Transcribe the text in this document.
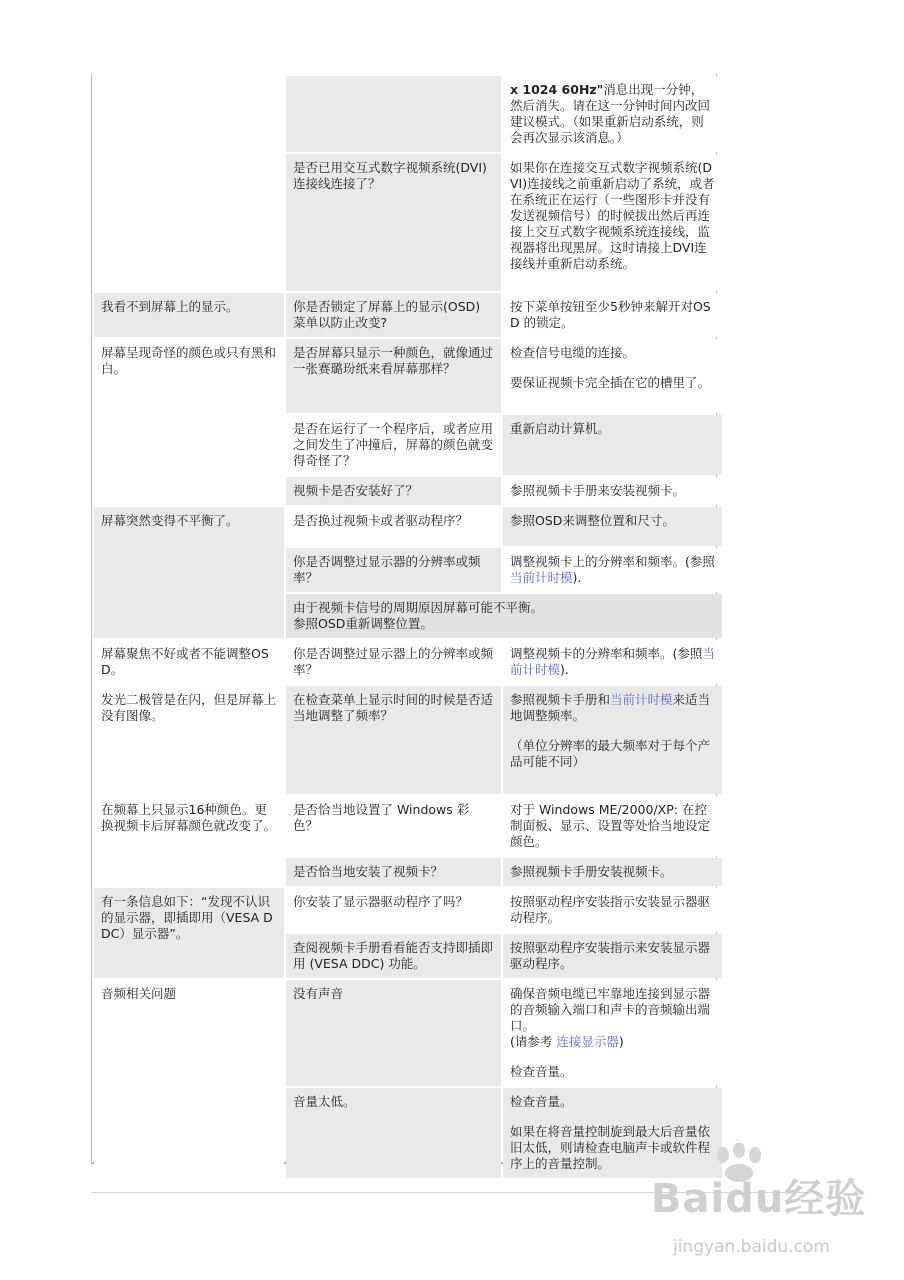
		x 1024 60Hz"消息出现一分钟，然后消失。请在这一分钟时间内改回建议模式。（如果重新启动系统，则会再次显示该消息。）
	是否已用交互式数字视频系统(DVI)连接线连接了？	如果你在连接交互式数字视频系统(DVI)连接线之前重新启动了系统，或者在系统正在运行（一些图形卡并没有发送视频信号）的时候拔出然后再连接上交互式数字视频系统连接线，监视器将出现黑屏。这时请接上DVI连接线并重新启动系统。
我看不到屏幕上的显示。	你是否锁定了屏幕上的显示(OSD) 菜单以防止改变?	按下菜单按钮至少5秒钟来解开对OSD 的锁定。
屏幕呈现奇怪的颜色或只有黑和白。	是否屏幕只显示一种颜色，就像通过一张赛璐玢纸来看屏幕那样？	检查信号电缆的连接。

要保证视频卡完全插在它的槽里了。

	是否在运行了一个程序后，或者应用之间发生了冲撞后，屏幕的颜色就变得奇怪了？	重新启动计算机。
	视频卡是否安装好了？	参照视频卡手册来安装视频卡。
屏幕突然变得不平衡了。	是否换过视频卡或者驱动程序？	参照OSD来调整位置和尺寸。
	你是否调整过显示器的分辨率或频率？	调整视频卡上的分辨率和频率。(参照当前计时模).

	由于视频卡信号的周期原因屏幕可能不平衡。

参照OSD重新调整位置。	

屏幕聚焦不好或者不能调整OSD。	你是否调整过显示器上的分辨率或频率？	调整视频卡的分辨率和频率。(参照当前计时模).
发光二极管是在闪，但是屏幕上没有图像。	在检查菜单上显示时间的时候是否适当地调整了频率？	参照视频卡手册和当前计时模来适当地调整频率。

（单位分辨率的最大频率对于每个产品可能不同）

在频幕上只显示16种颜色。更换视频卡后屏幕颜色就改变了。	是否恰当地设置了 Windows 彩色？	对于 Windows ME/2000/XP: 在控制面板、显示、设置等处恰当地设定颜色。
	是否恰当地安装了视频卡？	参照视频卡手册安装视频卡。
有一条信息如下：“发现不认识的显示器，即插即用（VESA DDC）显示器”。	你安装了显示器驱动程序了吗？	按照驱动程序安装指示安装显示器驱动程序。
	查阅视频卡手册看看能否支持即插即用 (VESA DDC) 功能。	按照驱动程序安装指示来安装显示器驱动程序。
音频相关问题	没有声音	确保音频电缆已牢靠地连接到显示器的音频输入端口和声卡的音频输出端口。
(请参考 连接显示器)

检查音量。

	音量太低。	检查音量。

如果在将音量控制旋到最大后音量依旧太低，则请检查电脑声卡或软件程序上的音量控制。

Baidu经验
jingyan.baidu.com
